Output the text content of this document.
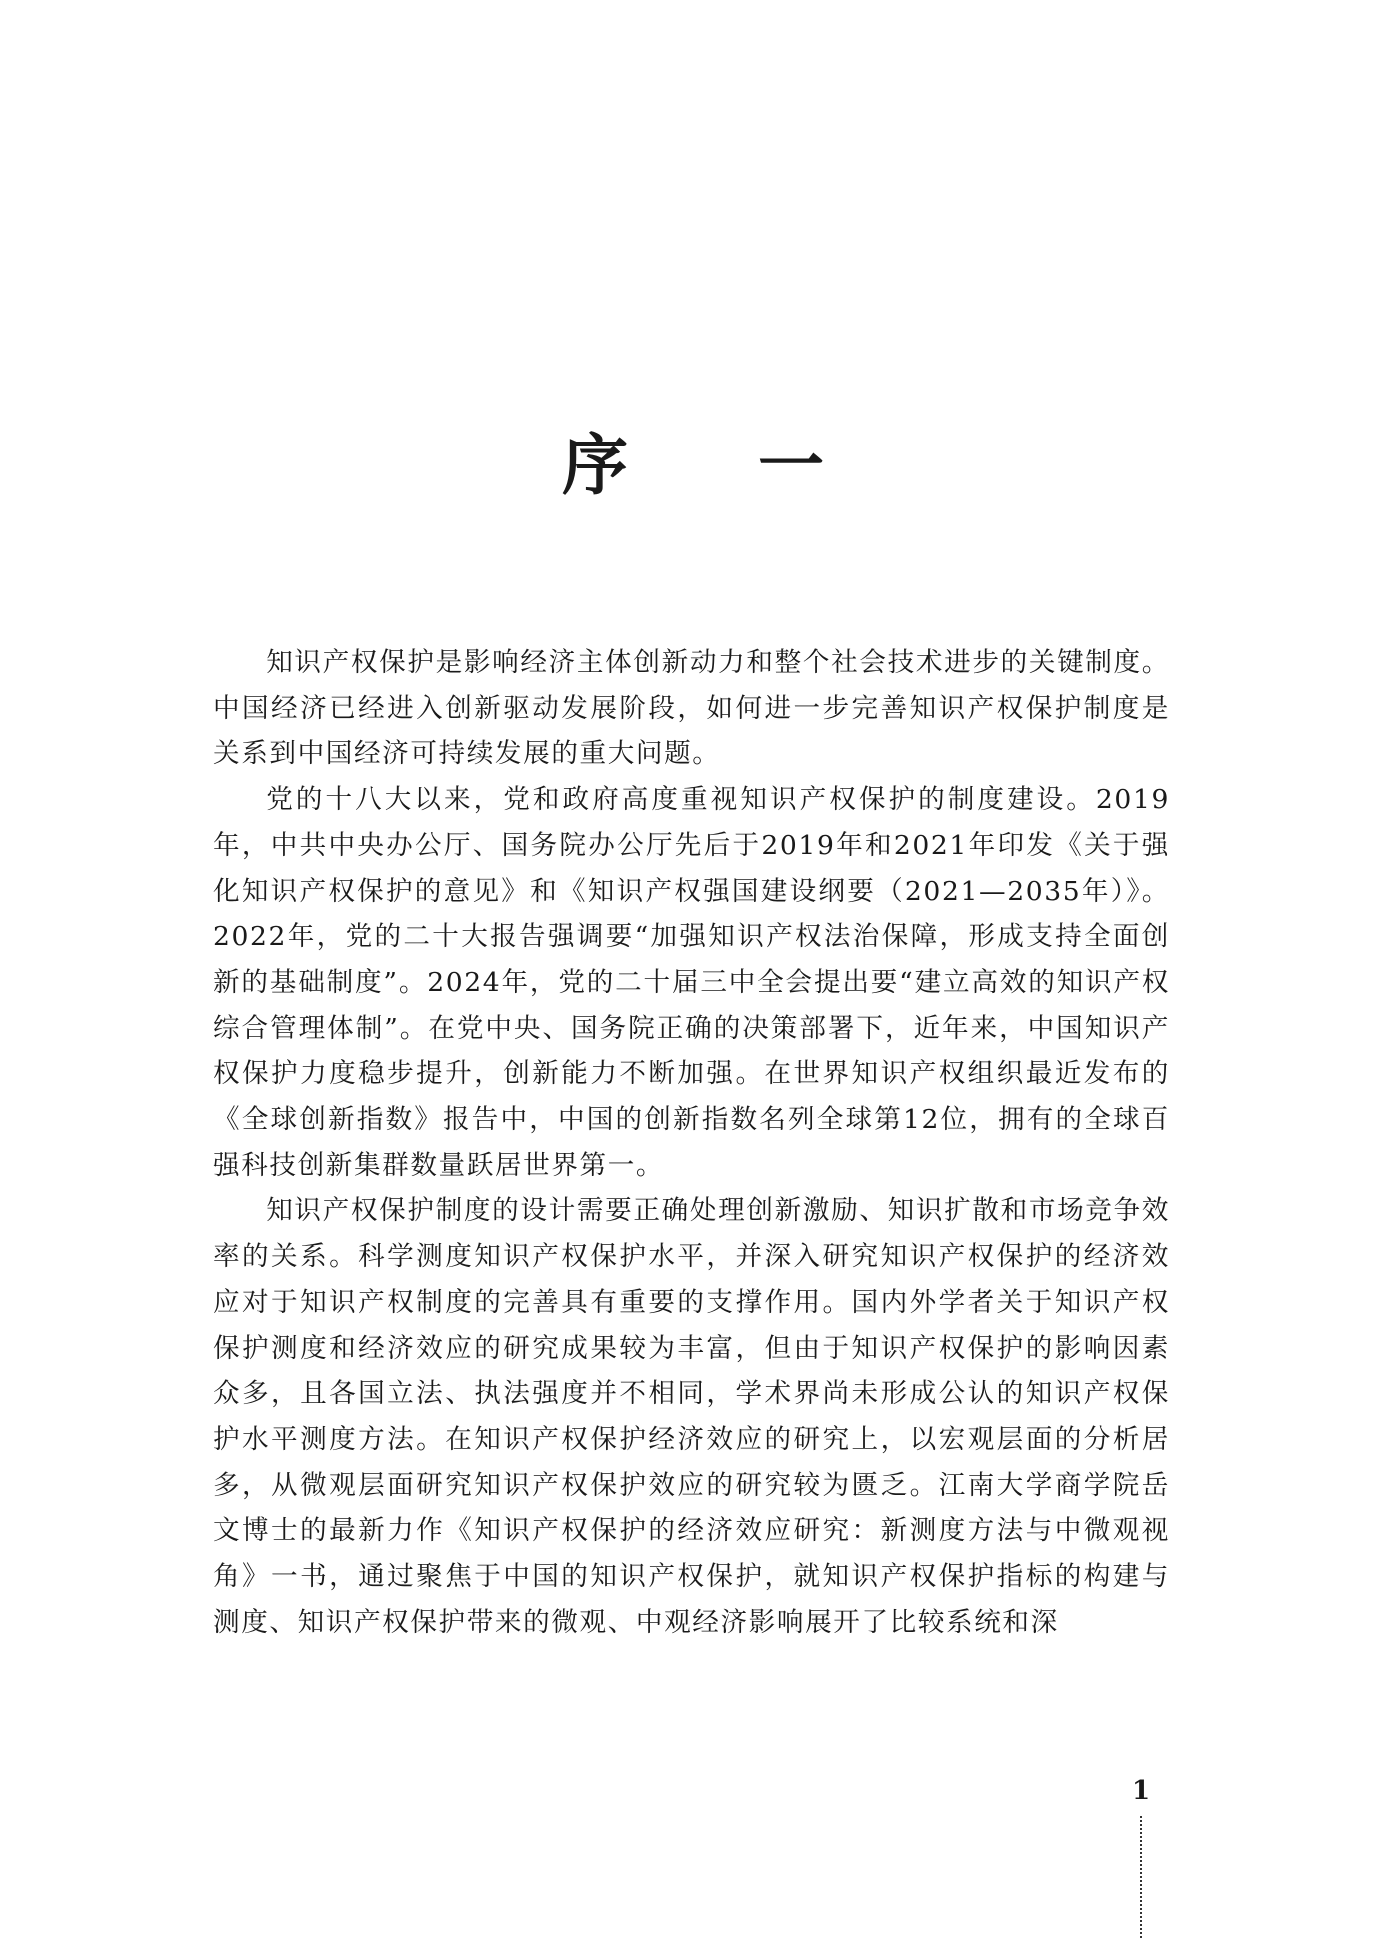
序 一

知识产权保护是影响经济主体创新动力和整个社会技术进步的关键制度。中国经济已经进入创新驱动发展阶段，如何进一步完善知识产权保护制度是关系到中国经济可持续发展的重大问题。

党的十八大以来，党和政府高度重视知识产权保护的制度建设。2019年，中共中央办公厅、国务院办公厅先后于2019年和2021年印发《关于强化知识产权保护的意见》和《知识产权强国建设纲要（2021—2035年）》。2022年，党的二十大报告强调要“加强知识产权法治保障，形成支持全面创新的基础制度”。2024年，党的二十届三中全会提出要“建立高效的知识产权综合管理体制”。在党中央、国务院正确的决策部署下，近年来，中国知识产权保护力度稳步提升，创新能力不断加强。在世界知识产权组织最近发布的《全球创新指数》报告中，中国的创新指数名列全球第12位，拥有的全球百强科技创新集群数量跃居世界第一。

知识产权保护制度的设计需要正确处理创新激励、知识扩散和市场竞争效率的关系。科学测度知识产权保护水平，并深入研究知识产权保护的经济效应对于知识产权制度的完善具有重要的支撑作用。国内外学者关于知识产权保护测度和经济效应的研究成果较为丰富，但由于知识产权保护的影响因素众多，且各国立法、执法强度并不相同，学术界尚未形成公认的知识产权保护水平测度方法。在知识产权保护经济效应的研究上，以宏观层面的分析居多，从微观层面研究知识产权保护效应的研究较为匮乏。江南大学商学院岳文博士的最新力作《知识产权保护的经济效应研究：新测度方法与中微观视角》一书，通过聚焦于中国的知识产权保护，就知识产权保护指标的构建与测度、知识产权保护带来的微观、中观经济影响展开了比较系统和深

1
